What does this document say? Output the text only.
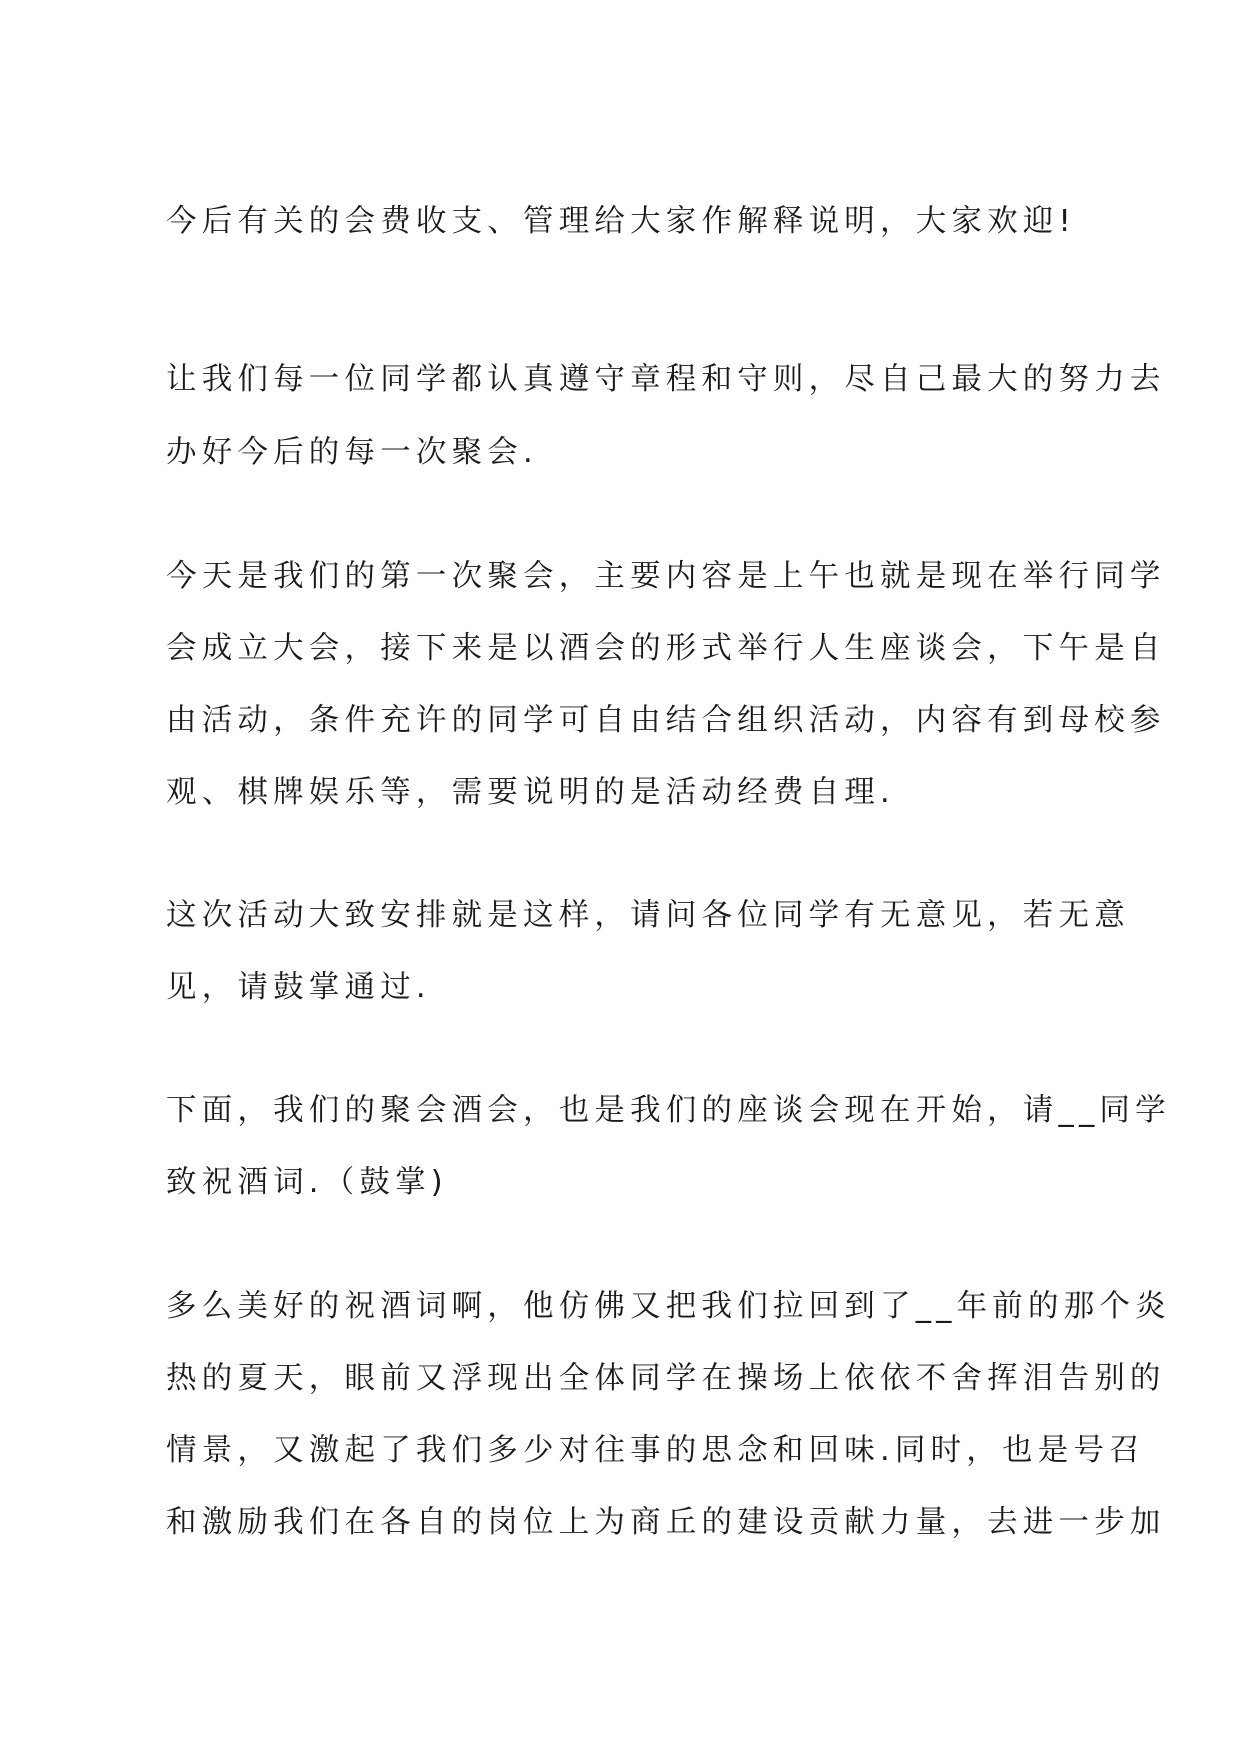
今后有关的会费收支、管理给大家作解释说明，大家欢迎!

让我们每一位同学都认真遵守章程和守则，尽自己最大的努力去

办好今后的每一次聚会.

今天是我们的第一次聚会，主要内容是上午也就是现在举行同学

会成立大会，接下来是以酒会的形式举行人生座谈会，下午是自

由活动，条件充许的同学可自由结合组织活动，内容有到母校参

观、棋牌娱乐等，需要说明的是活动经费自理.

这次活动大致安排就是这样，请问各位同学有无意见，若无意

见，请鼓掌通过.

下面，我们的聚会酒会，也是我们的座谈会现在开始，请__同学

致祝酒词.（鼓掌)

多么美好的祝酒词啊，他仿佛又把我们拉回到了__年前的那个炎

热的夏天，眼前又浮现出全体同学在操场上依依不舍挥泪告别的

情景，又激起了我们多少对往事的思念和回味.同时，也是号召

和激励我们在各自的岗位上为商丘的建设贡献力量，去进一步加
